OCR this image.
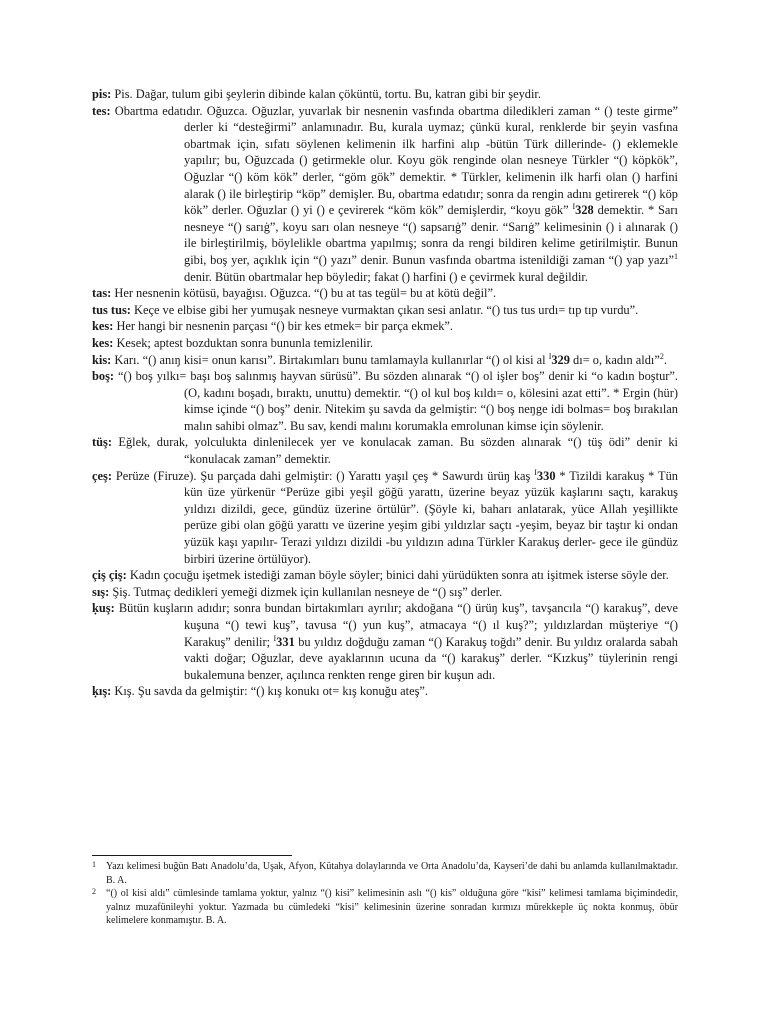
pis: Pis. Dağar, tulum gibi şeylerin dibinde kalan çöküntü, tortu. Bu, katran gibi bir şeydir.
tes: Obartma edatıdır. Oğuzca. Oğuzlar, yuvarlak bir nesnenin vasfında obartma diledikleri zaman “ () teste girme” derler ki “desteğirmi” anlamınadır. Bu, kurala uymaz; çünkü kural, renklerde bir şeyin vasfına obartmak için, sıfatı söylenen kelimenin ilk harfini alıp -bütün Türk dillerinde- () eklemekle yapılır; bu, Oğuzcada () getirmekle olur. Koyu gök renginde olan nesneye Türkler “() köpkök”, Oğuzlar “() köm kök” derler, “göm gök” demektir. * Türkler, kelimenin ilk harfi olan () harfini alarak () ile birleştirip “köp” demişler. Bu, obartma edatıdır; sonra da rengin adını getirerek “() köp kök” derler. Oğuzlar () yi () e çevirerek “köm kök” demişlerdir, “koyu gök” $^I$328 demektir. * Sarı nesneye “() sarıġ”, koyu sarı olan nesneye “() sapsarıġ” denir. “Sarıġ” kelimesinin () i alınarak () ile birleştirilmiş, böylelikle obartma yapılmış; sonra da rengi bildiren kelime getirilmiştir. Bunun gibi, boş yer, açıklık için “() yazı” denir. Bunun vasfında obartma istenildiği zaman “() yap yazı”$^1$ denir. Bütün obartmalar hep böyledir; fakat () harfini () e çevirmek kural değildir.
tas: Her nesnenin kötüsü, bayağısı. Oğuzca. “() bu at tas tegül= bu at kötü değil”.
tus tus: Keçe ve elbise gibi her yumuşak nesneye vurmaktan çıkan sesi anlatır. “() tus tus urdı= tıp tıp vurdu”.
kes: Her hangi bir nesnenin parçası “() bir kes etmek= bir parça ekmek”.
kes: Kesek; aptest bozduktan sonra bununla temizlenilir.
kis: Karı. “() anıŋ kisi= onun karısı”. Birtakımları bunu tamlamayla kullanırlar “() ol kisi al $^I$329 dı= o, kadın aldı”$^2$.
boş: “() boş yılkı= başı boş salınmış hayvan sürüsü”. Bu sözden alınarak “() ol işler boş” denir ki “o kadın boştur”. (O, kadını boşadı, bıraktı, unuttu) demektir. “() ol kul boş kıldı= o, kölesini azat etti”. * Ergin (hür) kimse içinde “() boş” denir. Nitekim şu savda da gelmiştir: “() boş neŋge idi bolmas= boş bırakılan malın sahibi olmaz”. Bu sav, kendi malını korumakla emrolunan kimse için söylenir.
tüş: Eğlek, durak, yolculukta dinlenilecek yer ve konulacak zaman. Bu sözden alınarak “() tüş ödi” denir ki “konulacak zaman” demektir.
çeş: Perüze (Firuze). Şu parçada dahi gelmiştir: () Yarattı yaşıl çeş * Sawurdı ürüŋ kaş $^I$330 * Tizildi karakuş * Tün kün üze yürkenür “Perüze gibi yeşil göğü yarattı, üzerine beyaz yüzük kaşlarını saçtı, karakuş yıldızı dizildi, gece, gündüz üzerine örtülür”. (Şöyle ki, baharı anlatarak, yüce Allah yeşillikte perüze gibi olan göğü yarattı ve üzerine yeşim gibi yıldızlar saçtı -yeşim, beyaz bir taştır ki ondan yüzük kaşı yapılır- Terazi yıldızı dizildi -bu yıldızın adına Türkler Karakuş derler- gece ile gündüz birbiri üzerine örtülüyor).
çiş çiş: Kadın çocuğu işetmek istediği zaman böyle söyler; binici dahi yürüdükten sonra atı işitmek isterse söyle der.
sış: Şiş. Tutmaç dedikleri yemeği dizmek için kullanılan nesneye de “() sış” derler.
ḳuş: Bütün kuşların adıdır; sonra bundan birtakımları ayrılır; akdoğana “() ürüŋ kuş”, tavşancıla “() karakuş”, deve kuşuna “() tewi kuş”, tavusa “() yun kuş”, atmacaya “() ıl kuş?”; yıldızlardan müşteriye “() Karakuş” denilir; $^I$331 bu yıldız doğduğu zaman “() Karakuş toğdı” denir. Bu yıldız oralarda sabah vakti doğar; Oğuzlar, deve ayaklarının ucuna da “() karakuş” derler. “Kızkuş” tüylerinin rengi bukalemuna benzer, açılınca renkten renge giren bir kuşun adı.
ḳış: Kış. Şu savda da gelmiştir: “() kış konukı ot= kış konuğu ateş”.
1 Yazı kelimesi buğün Batı Anadolu’da, Uşak, Afyon, Kütahya dolaylarında ve Orta Anadolu’da, Kayseri’de dahi bu anlamda kullanılmaktadır. B. A.
2 “() ol kisi aldı” cümlesinde tamlama yoktur, yalnız “() kisi” kelimesinin aslı “() kis” olduğuna göre “kisi” kelimesi tamlama biçimindedir, yalnız muzafünileyhi yoktur. Yazmada bu cümledeki “kisi” kelimesinin üzerine sonradan kırmızı mürekkeple üç nokta konmuş, öbür kelimelere konmamıştır. B. A.
